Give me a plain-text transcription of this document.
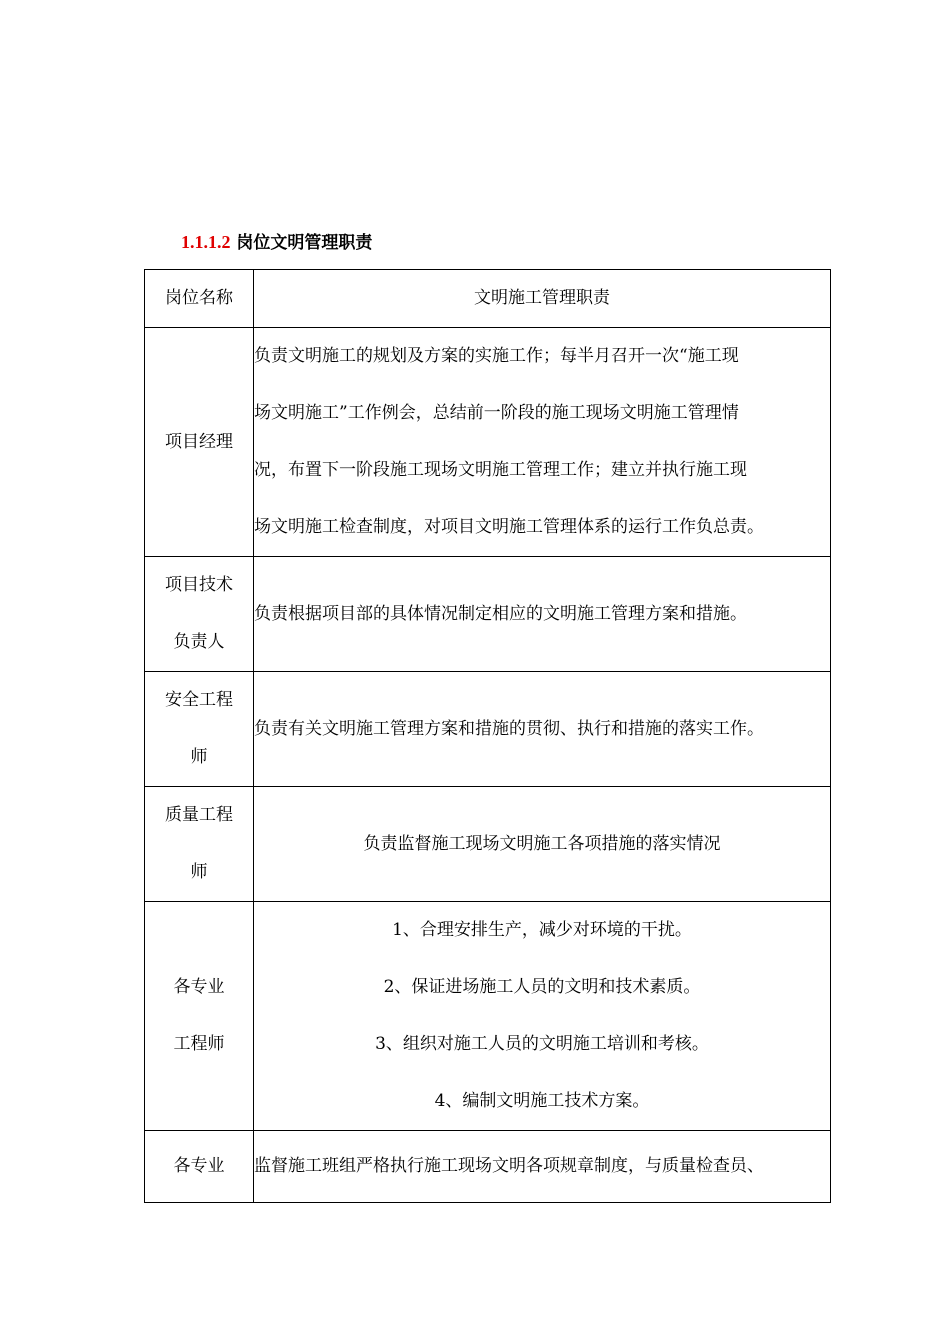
1.1.1.2 岗位文明管理职责
岗位名称	文明施工管理职责
项目经理	负责文明施工的规划及方案的实施工作；每半月召开一次“施工现
场文明施工”工作例会，总结前一阶段的施工现场文明施工管理情
况，布置下一阶段施工现场文明施工管理工作；建立并执行施工现
场文明施工检查制度，对项目文明施工管理体系的运行工作负总责。

项目技术
负责人	负责根据项目部的具体情况制定相应的文明施工管理方案和措施。

安全工程
师	负责有关文明施工管理方案和措施的贯彻、执行和措施的落实工作。

质量工程
师	负责监督施工现场文明施工各项措施的落实情况

各专业
工程师	1、合理安排生产，减少对环境的干扰。
2、保证进场施工人员的文明和技术素质。
3、组织对施工人员的文明施工培训和考核。
4、编制文明施工技术方案。

各专业	监督施工班组严格执行施工现场文明各项规章制度，与质量检查员、
